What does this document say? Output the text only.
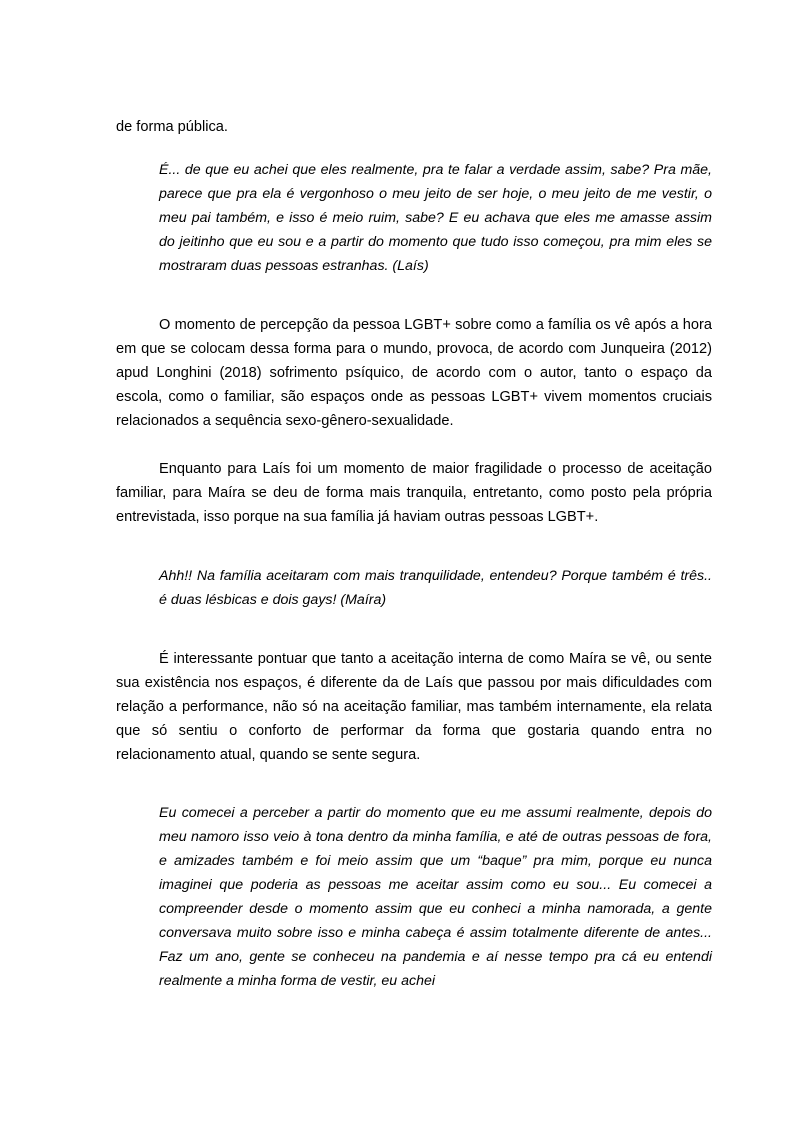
de forma pública.

É... de que eu achei que eles realmente, pra te falar a verdade assim, sabe? Pra mãe, parece que pra ela é vergonhoso o meu jeito de ser hoje, o meu jeito de me vestir, o meu pai também, e isso é meio ruim, sabe? E eu achava que eles me amasse assim do jeitinho que eu sou e a partir do momento que tudo isso começou, pra mim eles se mostraram duas pessoas estranhas. (Laís)

O momento de percepção da pessoa LGBT+ sobre como a família os vê após a hora em que se colocam dessa forma para o mundo, provoca, de acordo com Junqueira (2012) apud Longhini (2018) sofrimento psíquico, de acordo com o autor, tanto o espaço da escola, como o familiar, são espaços onde as pessoas LGBT+ vivem momentos cruciais relacionados a sequência sexo-gênero-sexualidade.

Enquanto para Laís foi um momento de maior fragilidade o processo de aceitação familiar, para Maíra se deu de forma mais tranquila, entretanto, como posto pela própria entrevistada, isso porque na sua família já haviam outras pessoas LGBT+.

Ahh!! Na família aceitaram com mais tranquilidade, entendeu? Porque também é três.. é duas lésbicas e dois gays! (Maíra)

É interessante pontuar que tanto a aceitação interna de como Maíra se vê, ou sente sua existência nos espaços, é diferente da de Laís que passou por mais dificuldades com relação a performance, não só na aceitação familiar, mas também internamente, ela relata que só sentiu o conforto de performar da forma que gostaria quando entra no relacionamento atual, quando se sente segura.

Eu comecei a perceber a partir do momento que eu me assumi realmente, depois do meu namoro isso veio à tona dentro da minha família, e até de outras pessoas de fora, e amizades também e foi meio assim que um “baque” pra mim, porque eu nunca imaginei que poderia as pessoas me aceitar assim como eu sou... Eu comecei a compreender desde o momento assim que eu conheci a minha namorada, a gente conversava muito sobre isso e minha cabeça é assim totalmente diferente de antes... Faz um ano, gente se conheceu na pandemia e aí nesse tempo pra cá eu entendi realmente a minha forma de vestir, eu achei
